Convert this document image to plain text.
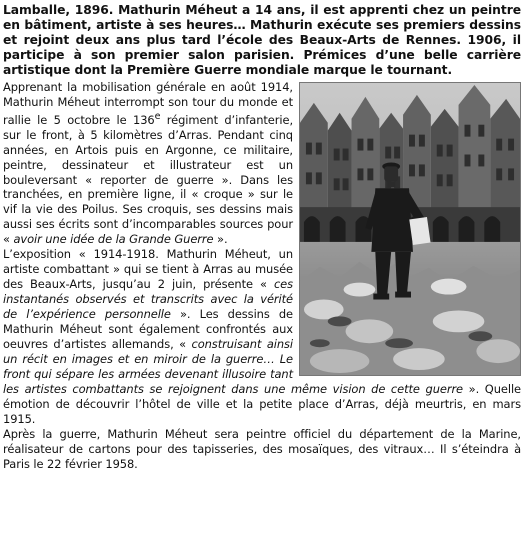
Lamballe, 1896. Mathurin Méheut a 14 ans, il est apprenti chez un peintre en bâtiment, artiste à ses heures… Mathurin exécute ses premiers dessins et rejoint deux ans plus tard l’école des Beaux-Arts de Rennes. 1906, il participe à son premier salon parisien. Prémices d’une belle carrière artistique dont la Première Guerre mondiale marque le tournant.

Apprenant la mobilisation générale en août 1914, Mathurin Méheut interrompt son tour du monde et rallie le 5 octobre le 136e régiment d’infanterie, sur le front, à 5 kilomètres d’Arras. Pendant cinq années, en Artois puis en Argonne, ce militaire, peintre, dessinateur et illustrateur est un bouleversant « reporter de guerre ». Dans les tranchées, en première ligne, il « croque » sur le vif la vie des Poilus. Ses croquis, ses dessins mais aussi ses écrits sont d’incomparables sources pour « avoir une idée de la Grande Guerre ».

L’exposition « 1914-1918. Mathurin Méheut, un artiste combattant » qui se tient à Arras au musée des Beaux-Arts, jusqu’au 2 juin, présente « ces instantanés observés et transcrits avec la vérité de l’expérience personnelle ». Les dessins de Mathurin Méheut sont également confrontés aux oeuvres d’artistes allemands, « construisant ainsi un récit en images et en miroir de la guerre… Le front qui sépare les armées devenant illusoire tant les artistes combattants se rejoignent dans une même vision de cette guerre ». Quelle émotion de découvrir l’hôtel de ville et la petite place d’Arras, déjà meurtris, en mars 1915.

Après la guerre, Mathurin Méheut sera peintre officiel du département de la Marine, réalisateur de cartons pour des tapisseries, des mosaïques, des vitraux… Il s’éteindra à Paris le 22 février 1958.
